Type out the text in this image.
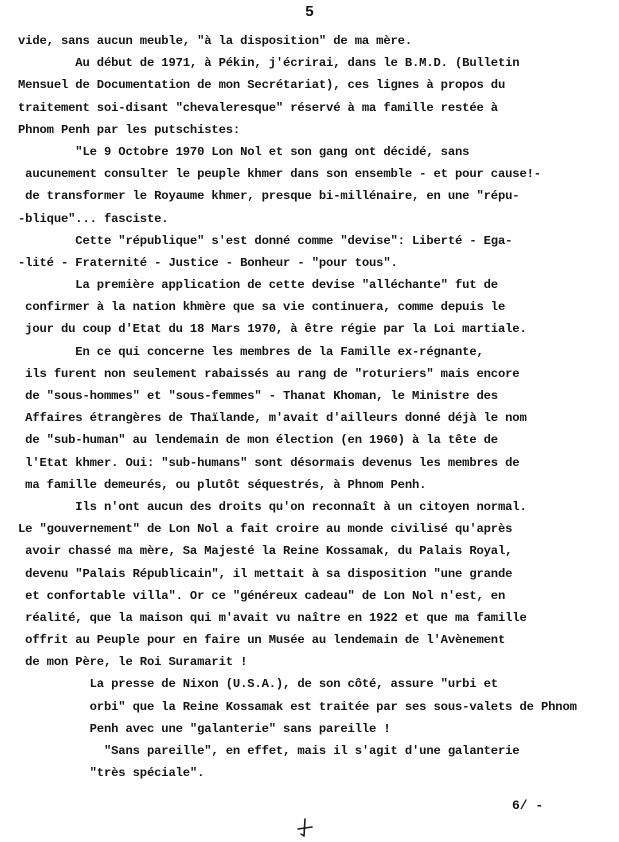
5
vide, sans aucun meuble, "à la disposition" de ma mère.
Au début de 1971, à Pékin, j'écrirai, dans le B.M.D. (Bulletin
Mensuel de Documentation de mon Secrétariat), ces lignes à propos du
traitement soi-disant "chevaleresque" réservé à ma famille restée à
Phnom Penh par les putschistes:
"Le 9 Octobre 1970 Lon Nol et son gang ont décidé, sans
aucunement consulter le peuple khmer dans son ensemble - et pour cause!-
de transformer le Royaume khmer, presque bi-millénaire, en une "répu-
-blique"... fasciste.
Cette "république" s'est donné comme "devise": Liberté - Ega-
-lité - Fraternité - Justice - Bonheur - "pour tous".
La première application de cette devise "alléchante" fut de
confirmer à la nation khmère que sa vie continuera, comme depuis le
jour du coup d'Etat du 18 Mars 1970, à être régie par la Loi martiale.
En ce qui concerne les membres de la Famille ex-régnante,
ils furent non seulement rabaissés au rang de "roturiers" mais encore
de "sous-hommes" et "sous-femmes" - Thanat Khoman, le Ministre des
Affaires étrangères de Thaïlande, m'avait d'ailleurs donné déjà le nom
de "sub-human" au lendemain de mon élection (en 1960) à la tête de
l'Etat khmer. Oui: "sub-humans" sont désormais devenus les membres de
ma famille demeurés, ou plutôt séquestrés, à Phnom Penh.
Ils n'ont aucun des droits qu'on reconnaît à un citoyen normal.
Le "gouvernement" de Lon Nol a fait croire au monde civilisé qu'après
avoir chassé ma mère, Sa Majesté la Reine Kossamak, du Palais Royal,
devenu "Palais Républicain", il mettait à sa disposition "une grande
et confortable villa". Or ce "généreux cadeau" de Lon Nol n'est, en
réalité, que la maison qui m'avait vu naître en 1922 et que ma famille
offrit au Peuple pour en faire un Musée au lendemain de l'Avènement
de mon Père, le Roi Suramarit !
La presse de Nixon (U.S.A.), de son côté, assure "urbi et
orbi" que la Reine Kossamak est traitée par ses sous-valets de Phnom
Penh avec une "galanterie" sans pareille !
"Sans pareille", en effet, mais il s'agit d'une galanterie
"très spéciale".
6/ -
